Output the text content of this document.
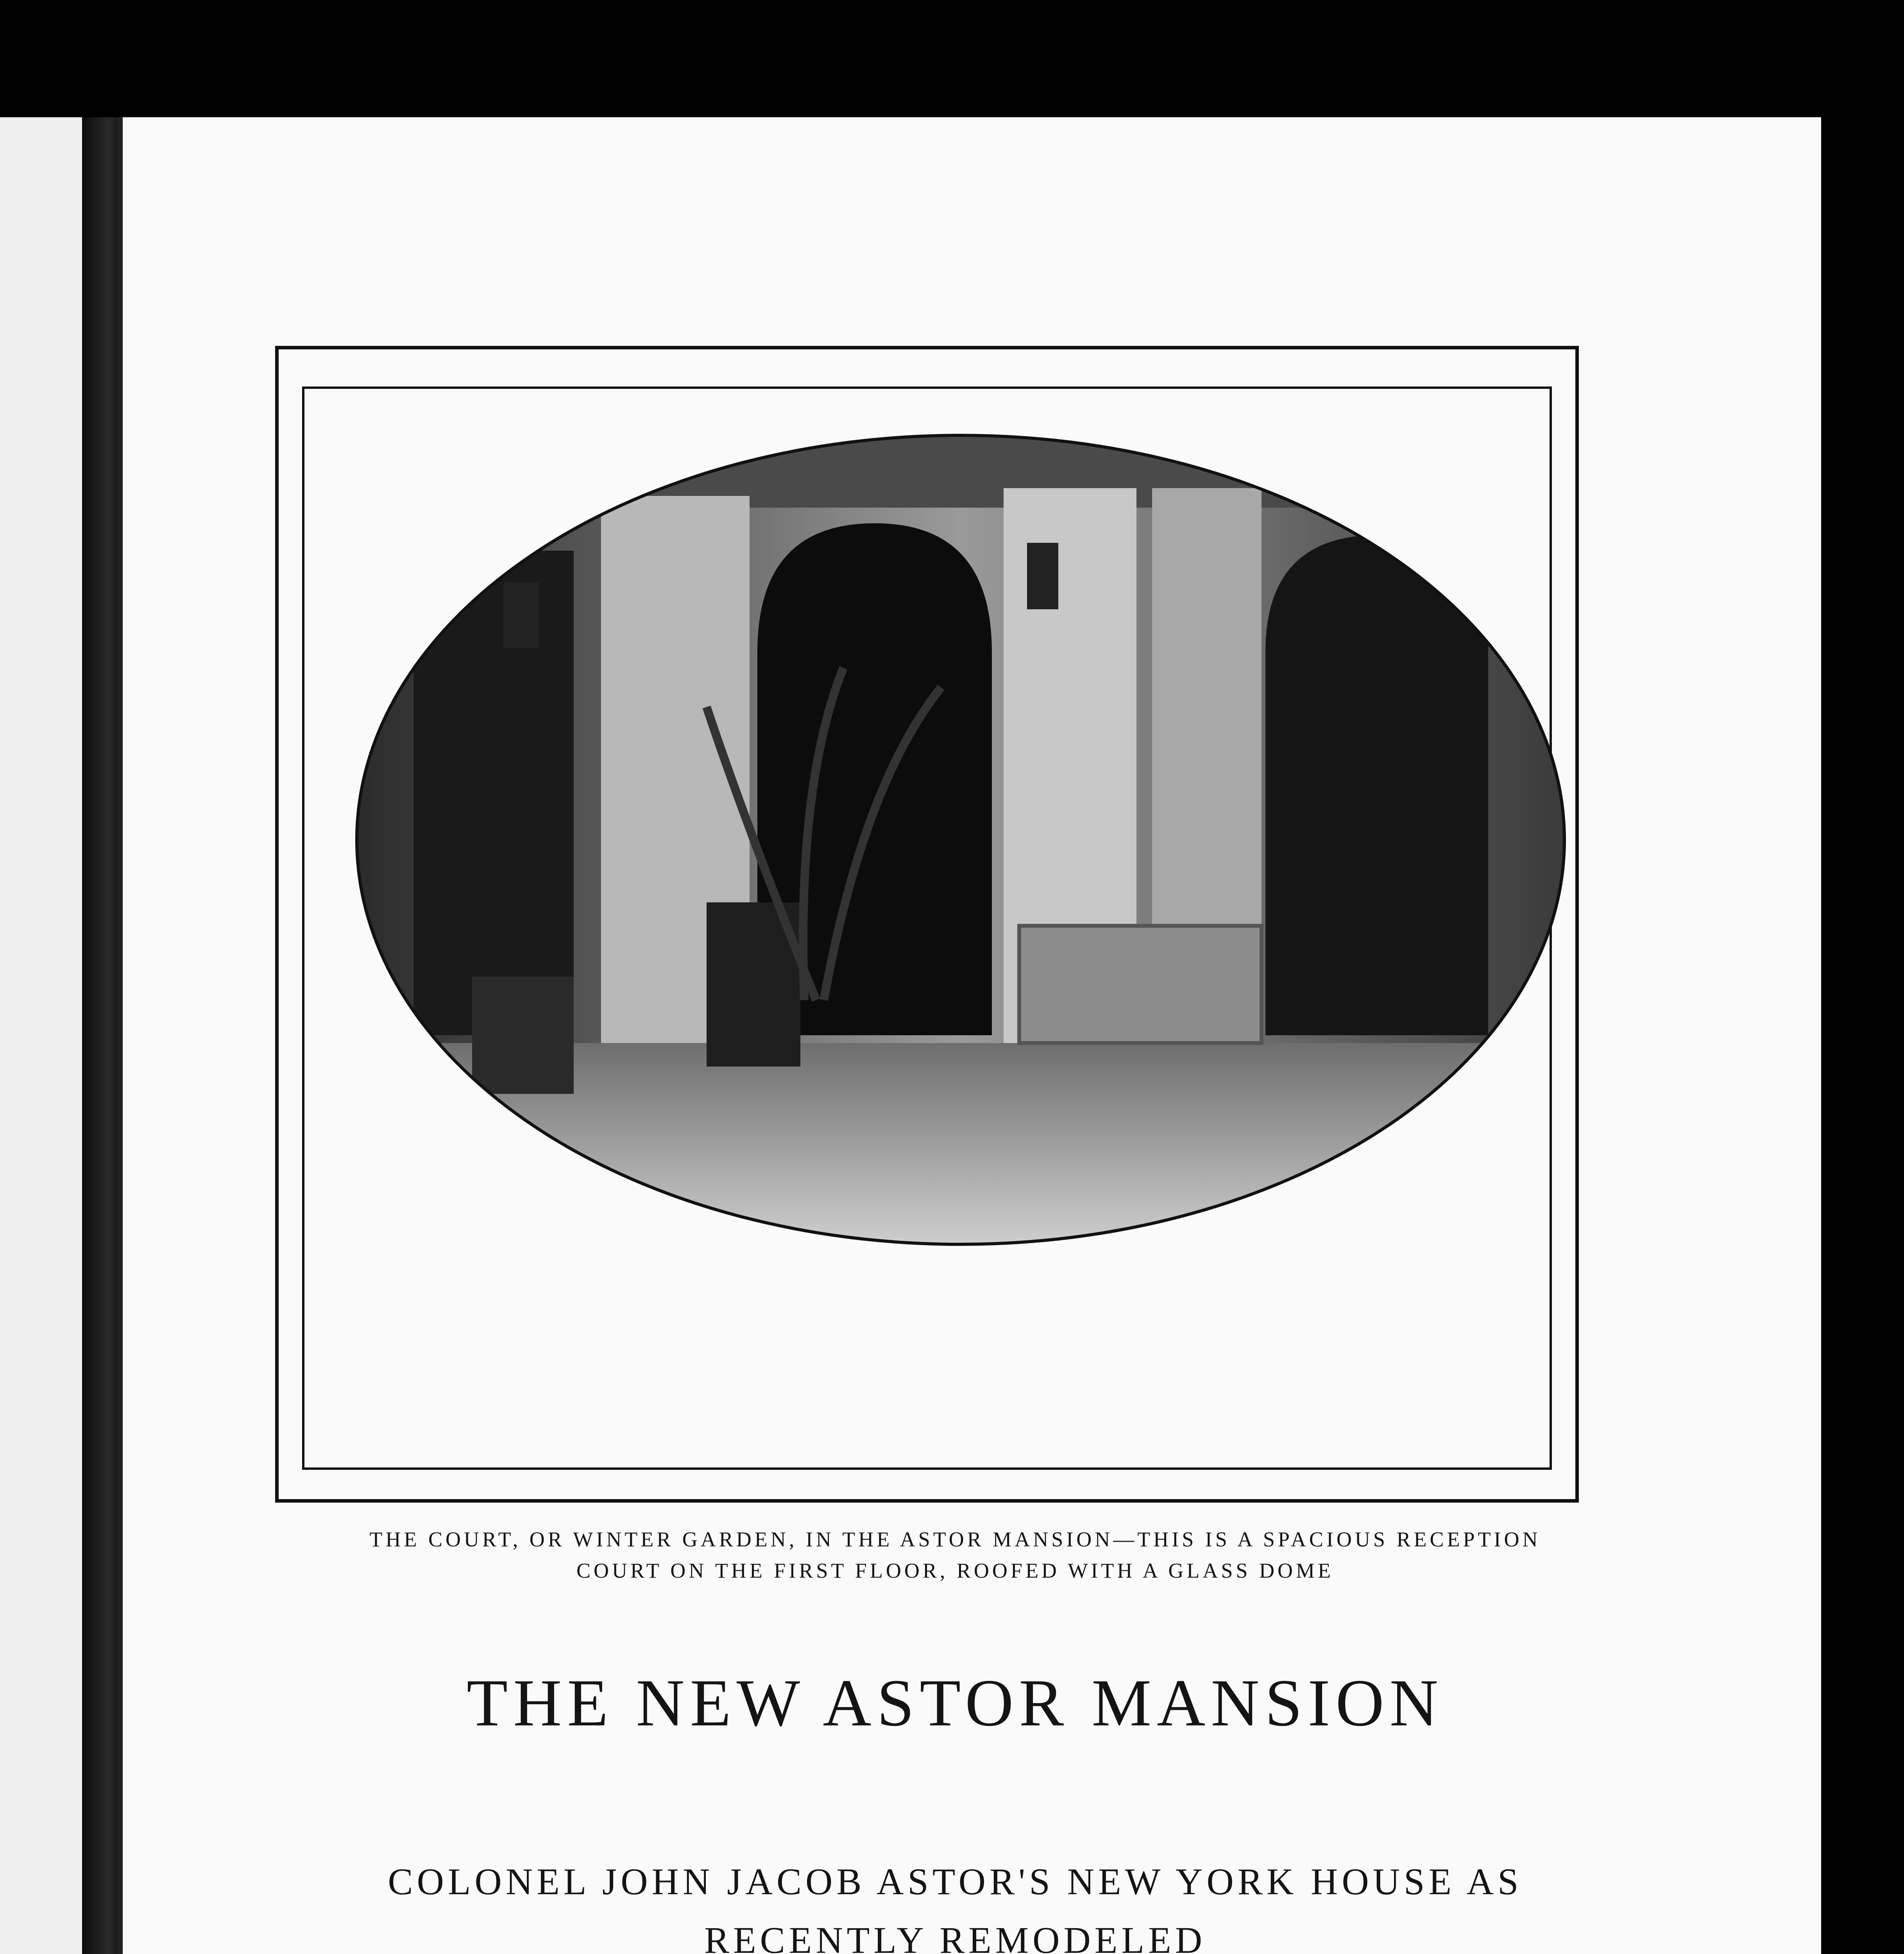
THE COURT, OR WINTER GARDEN, IN THE ASTOR MANSION—THIS IS A SPACIOUS RECEPTION
COURT ON THE FIRST FLOOR, ROOFED WITH A GLASS DOME
THE NEW ASTOR MANSION
COLONEL JOHN JACOB ASTOR'S NEW YORK HOUSE AS
RECENTLY REMODELED
